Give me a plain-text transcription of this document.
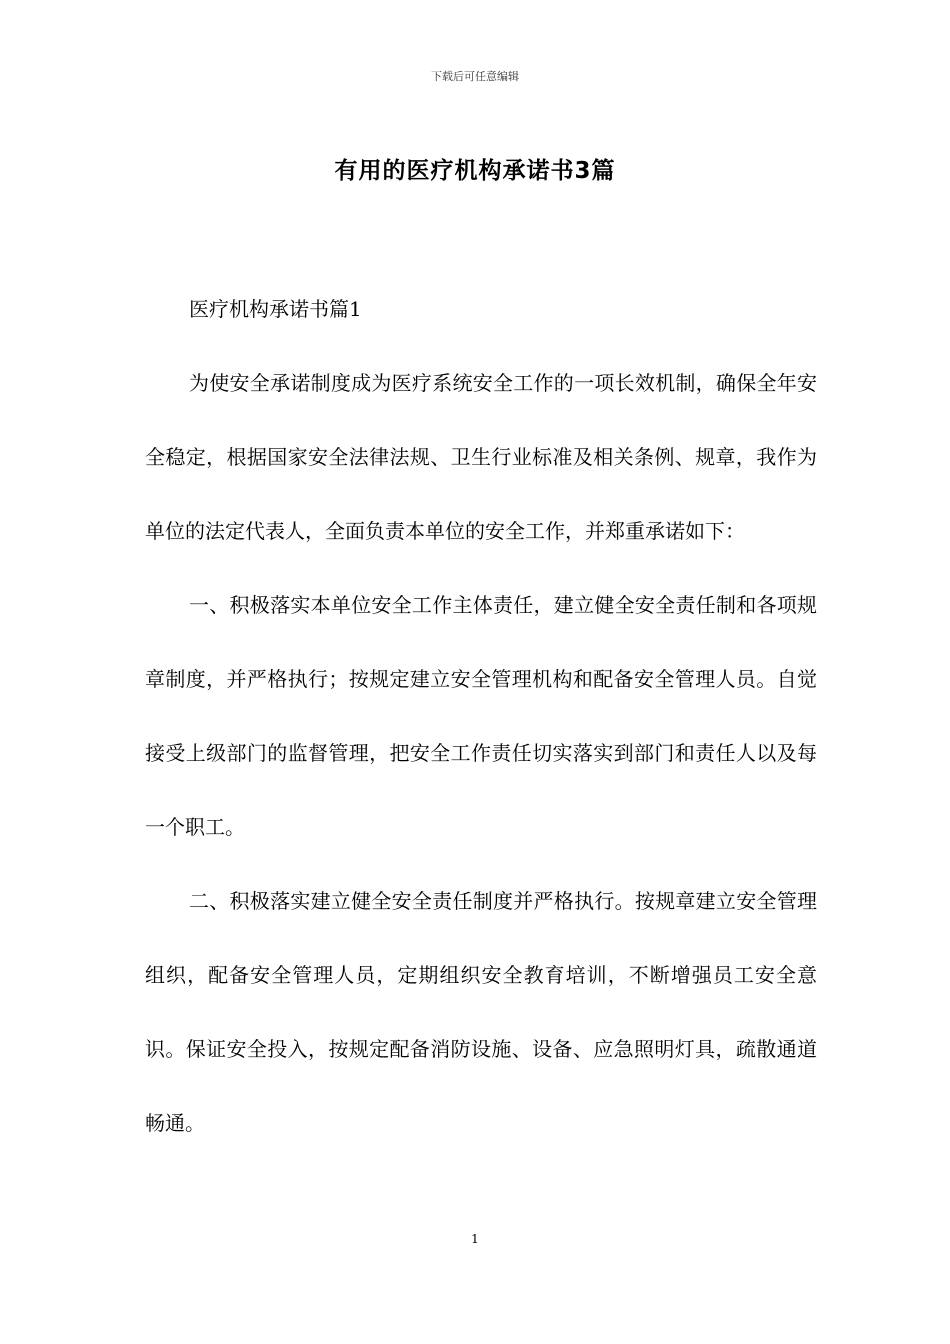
下载后可任意编辑
有用的医疗机构承诺书3篇

医疗机构承诺书篇1

为使安全承诺制度成为医疗系统安全工作的一项长效机制，确保全年安全稳定，根据国家安全法律法规、卫生行业标准及相关条例、规章，我作为单位的法定代表人，全面负责本单位的安全工作，并郑重承诺如下：

一、积极落实本单位安全工作主体责任，建立健全安全责任制和各项规章制度，并严格执行；按规定建立安全管理机构和配备安全管理人员。自觉接受上级部门的监督管理，把安全工作责任切实落实到部门和责任人以及每一个职工。

二、积极落实建立健全安全责任制度并严格执行。按规章建立安全管理组织，配备安全管理人员，定期组织安全教育培训，不断增强员工安全意识。保证安全投入，按规定配备消防设施、设备、应急照明灯具，疏散通道畅通。

1
